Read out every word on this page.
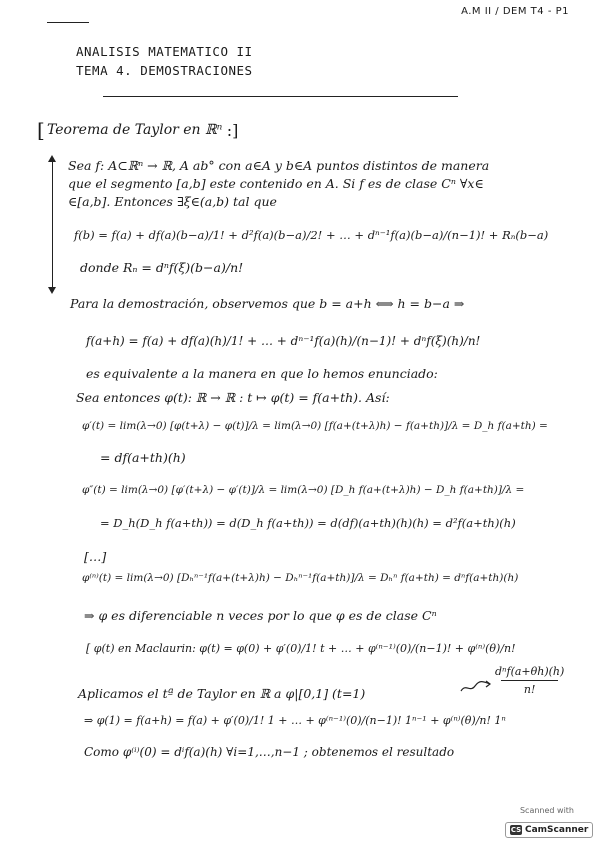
A.M II / DEM T4 - P1
ANALISIS MATEMATICO II
TEMA 4. DEMOSTRACIONES
[ Teorema de Taylor en ℝⁿ :]

Sea f: A⊂ℝⁿ → ℝ, A ab° con a∈A y b∈A puntos distintos de manera

que el segmento [a,b] este contenido en A. Si f es de clase Cⁿ ∀x∈

∈[a,b]. Entonces ∃ξ∈(a,b) tal que

f(b) = f(a) + df(a)(b−a)/1! + d²f(a)(b−a)/2! + … + dⁿ⁻¹f(a)(b−a)/(n−1)! + Rₙ(b−a)

donde Rₙ = dⁿf(ξ)(b−a)/n!

Para la demostración, observemos que b = a+h ⟺ h = b−a ⇒

f(a+h) = f(a) + df(a)(h)/1! + … + dⁿ⁻¹f(a)(h)/(n−1)! + dⁿf(ξ)(h)/n!

es equivalente a la manera en que lo hemos enunciado:

Sea entonces φ(t): ℝ → ℝ : t ↦ φ(t) = f(a+th). Así:

φ′(t) = lim(λ→0) [φ(t+λ) − φ(t)]/λ = lim(λ→0) [f(a+(t+λ)h) − f(a+th)]/λ = D_h f(a+th) =

= df(a+th)(h)

φ″(t) = lim(λ→0) [φ′(t+λ) − φ′(t)]/λ = lim(λ→0) [D_h f(a+(t+λ)h) − D_h f(a+th)]/λ =

= D_h(D_h f(a+th)) = d(D_h f(a+th)) = d(df)(a+th)(h)(h) = d²f(a+th)(h)

[…]

φ⁽ⁿ⁾(t) = lim(λ→0) [Dₕⁿ⁻¹f(a+(t+λ)h) − Dₕⁿ⁻¹f(a+th)]/λ = Dₕⁿ f(a+th) = dⁿf(a+th)(h)

⇒ φ es diferenciable n veces por lo que φ es de clase Cⁿ

[ φ(t) en Maclaurin: φ(t) = φ(0) + φ′(0)/1! t + … + φ⁽ⁿ⁻¹⁾(0)/(n−1)! + φ⁽ⁿ⁾(θ)/n!

dⁿf(a+θh)(h)
n!

Aplicamos el tª de Taylor en ℝ a φ|[0,1] (t=1)

⇒ φ(1) = f(a+h) = f(a) + φ′(0)/1! 1 + … + φ⁽ⁿ⁻¹⁾(0)/(n−1)! 1ⁿ⁻¹ + φ⁽ⁿ⁾(θ)/n! 1ⁿ

Como φ⁽ⁱ⁾(0) = dⁱf(a)(h) ∀i=1,…,n−1 ; obtenemos el resultado

Scanned with
CS CamScanner
